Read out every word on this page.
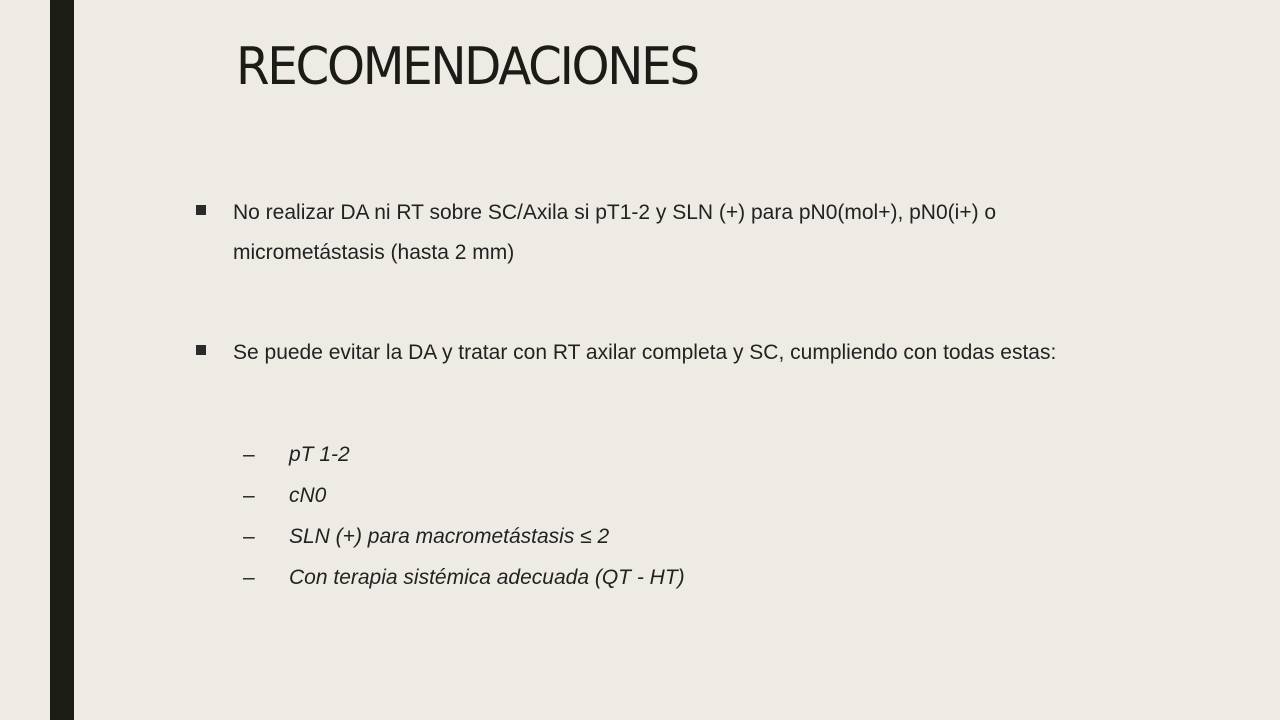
RECOMENDACIONES
No realizar DA ni RT sobre SC/Axila si pT1-2 y SLN (+) para pN0(mol+), pN0(i+) o micrometástasis (hasta 2 mm)
Se puede evitar la DA y tratar con RT axilar completa y SC, cumpliendo con todas estas:
– pT 1-2
– cN0
– SLN (+) para macrometástasis ≤ 2
– Con terapia sistémica adecuada (QT - HT)
